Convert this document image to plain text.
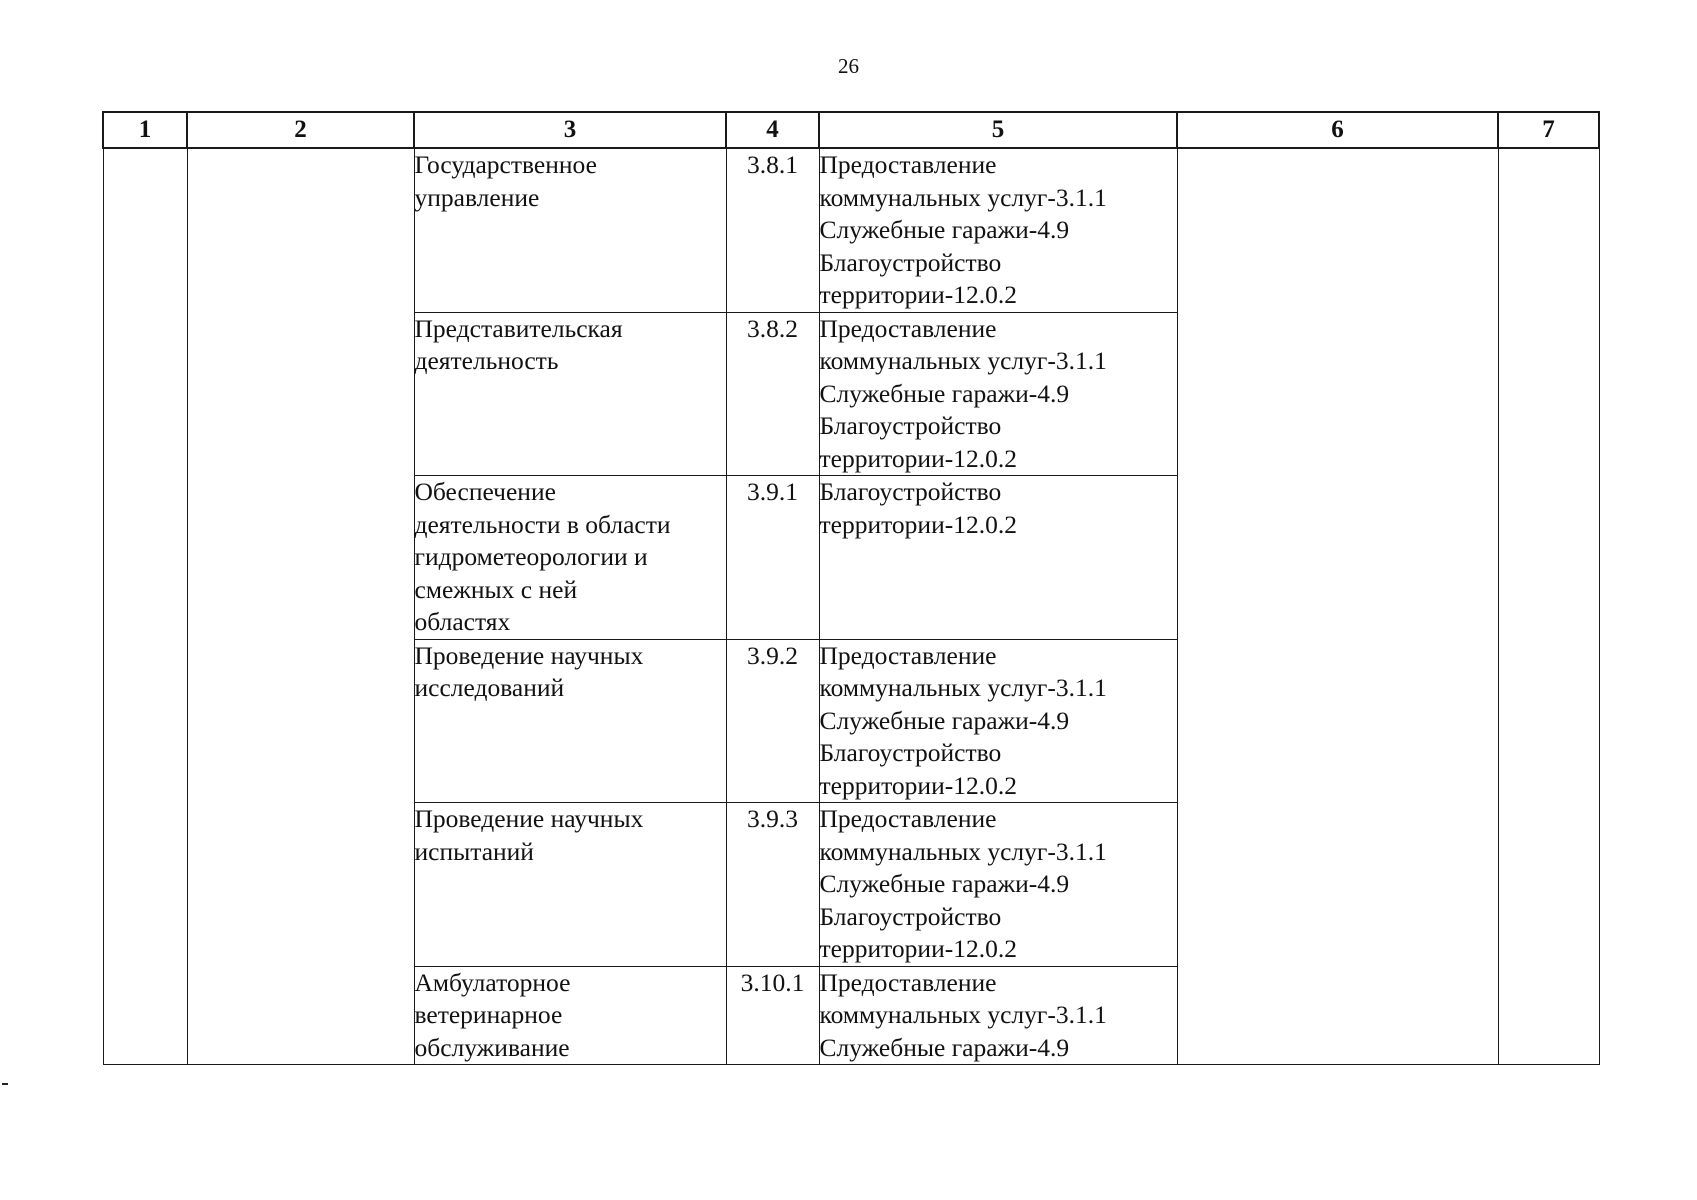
26
1	2	3	4	5	6	7

		Государственное
управление	3.8.1	Предоставление
коммунальных услуг-3.1.1
Служебные гаражи-4.9
Благоустройство
территории-12.0.2		

		Представительская
деятельность	3.8.2	Предоставление
коммунальных услуг-3.1.1
Служебные гаражи-4.9
Благоустройство
территории-12.0.2		

		Обеспечение
деятельности в области
гидрометеорологии и
смежных с ней
областях	3.9.1	Благоустройство
территории-12.0.2		

		Проведение научных
исследований	3.9.2	Предоставление
коммунальных услуг-3.1.1
Служебные гаражи-4.9
Благоустройство
территории-12.0.2		

		Проведение научных
испытаний	3.9.3	Предоставление
коммунальных услуг-3.1.1
Служебные гаражи-4.9
Благоустройство
территории-12.0.2		

		Амбулаторное
ветеринарное
обслуживание	3.10.1	Предоставление
коммунальных услуг-3.1.1
Служебные гаражи-4.9		
